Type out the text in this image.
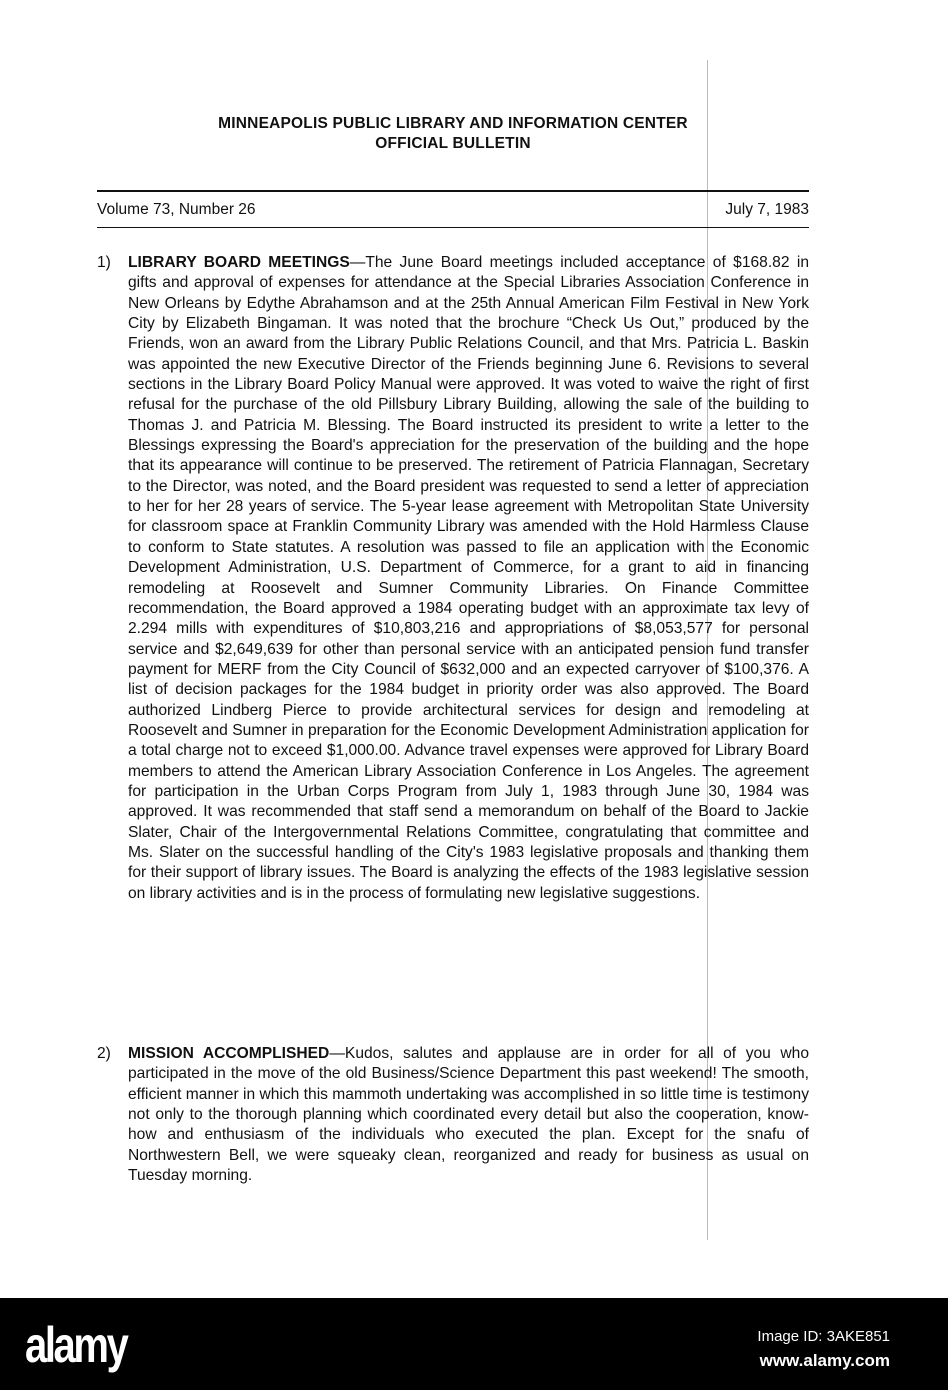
MINNEAPOLIS PUBLIC LIBRARY AND INFORMATION CENTER
OFFICIAL BULLETIN
Volume 73, Number 26	July 7, 1983
1) LIBRARY BOARD MEETINGS—The June Board meetings included acceptance of $168.82 in gifts and approval of expenses for attendance at the Special Libraries Association Conference in New Orleans by Edythe Abrahamson and at the 25th Annual American Film Festival in New York City by Elizabeth Bingaman. It was noted that the brochure “Check Us Out,” produced by the Friends, won an award from the Library Public Relations Council, and that Mrs. Patricia L. Baskin was appointed the new Executive Director of the Friends beginning June 6. Revisions to several sections in the Library Board Policy Manual were approved. It was voted to waive the right of first refusal for the purchase of the old Pillsbury Library Building, allowing the sale of the building to Thomas J. and Patricia M. Blessing. The Board instructed its president to write a letter to the Blessings expressing the Board's appreciation for the preservation of the building and the hope that its appearance will continue to be preserved. The retirement of Patricia Flannagan, Secretary to the Director, was noted, and the Board president was requested to send a letter of appreciation to her for her 28 years of service. The 5-year lease agreement with Metropolitan State University for classroom space at Franklin Community Library was amended with the Hold Harmless Clause to conform to State statutes. A resolution was passed to file an application with the Economic Development Administration, U.S. Department of Commerce, for a grant to aid in financing remodeling at Roosevelt and Sumner Community Libraries. On Finance Committee recommendation, the Board approved a 1984 operating budget with an approximate tax levy of 2.294 mills with expenditures of $10,803,216 and appropriations of $8,053,577 for personal service and $2,649,639 for other than personal service with an anticipated pension fund transfer payment for MERF from the City Council of $632,000 and an expected carryover of $100,376. A list of decision packages for the 1984 budget in priority order was also approved. The Board authorized Lindberg Pierce to provide architectural services for design and remodeling at Roosevelt and Sumner in preparation for the Economic Development Administration application for a total charge not to exceed $1,000.00. Advance travel expenses were approved for Library Board members to attend the American Library Association Conference in Los Angeles. The agreement for participation in the Urban Corps Program from July 1, 1983 through June 30, 1984 was approved. It was recommended that staff send a memorandum on behalf of the Board to Jackie Slater, Chair of the Intergovernmental Relations Committee, congratulating that committee and Ms. Slater on the successful handling of the City's 1983 legislative proposals and thanking them for their support of library issues. The Board is analyzing the effects of the 1983 legislative session on library activities and is in the process of formulating new legislative suggestions.
2) MISSION ACCOMPLISHED—Kudos, salutes and applause are in order for all of you who participated in the move of the old Business/Science Department this past weekend! The smooth, efficient manner in which this mammoth undertaking was accomplished in so little time is testimony not only to the thorough planning which coordinated every detail but also the cooperation, know-how and enthusiasm of the individuals who executed the plan. Except for the snafu of Northwestern Bell, we were squeaky clean, reorganized and ready for business as usual on Tuesday morning.
alamy	Image ID: 3AKE851
www.alamy.com
